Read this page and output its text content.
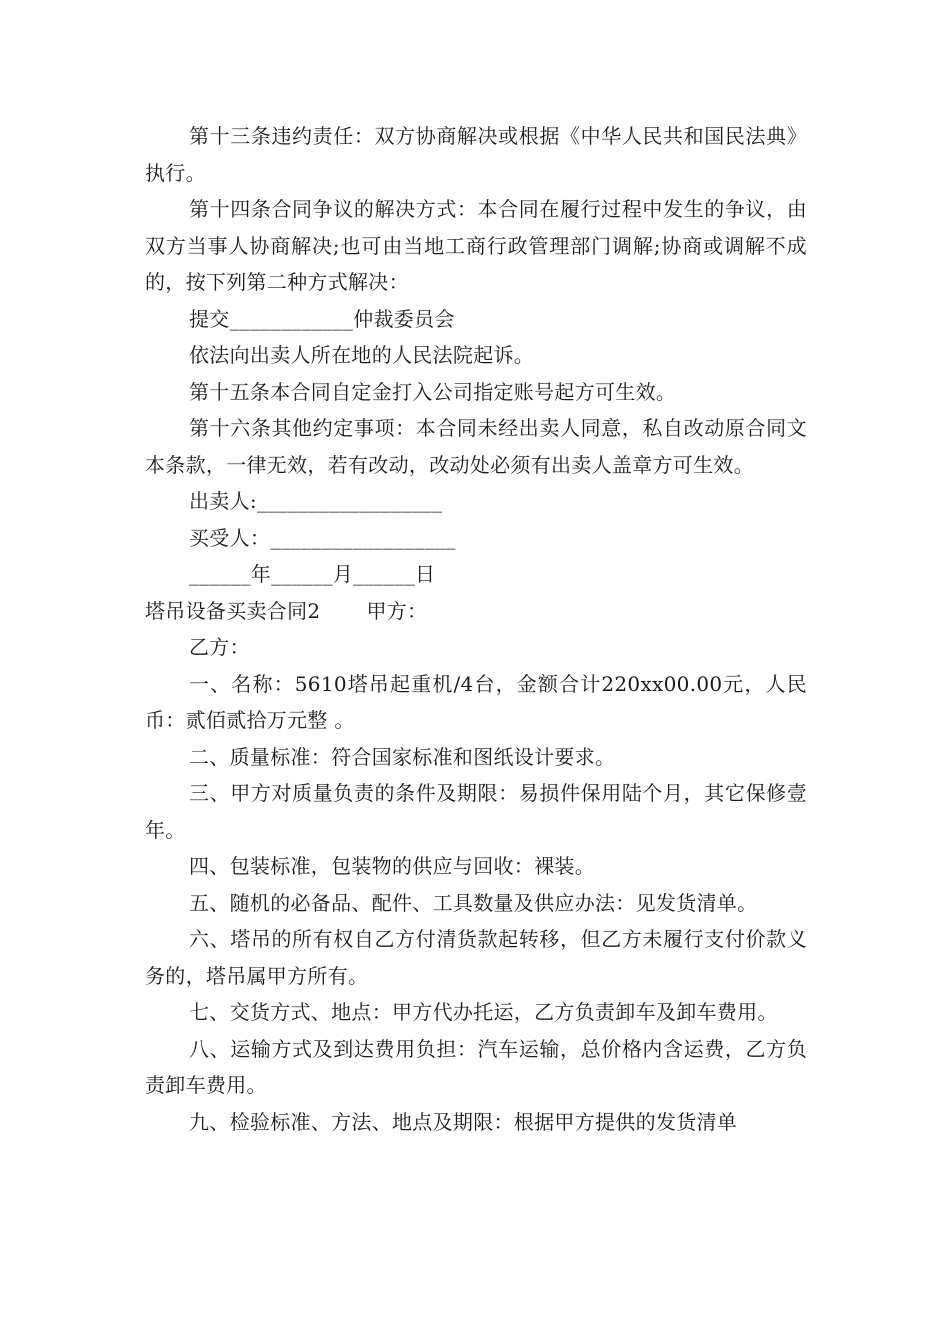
第十三条违约责任：双方协商解决或根据《中华人民共和国民法典》执行。

第十四条合同争议的解决方式：本合同在履行过程中发生的争议，由双方当事人协商解决;也可由当地工商行政管理部门调解;协商或调解不成的，按下列第二种方式解决：

提交____________仲裁委员会

依法向出卖人所在地的人民法院起诉。

第十五条本合同自定金打入公司指定账号起方可生效。

第十六条其他约定事项：本合同未经出卖人同意，私自改动原合同文本条款，一律无效，若有改动，改动处必须有出卖人盖章方可生效。

出卖人:__________________

买受人：__________________

______年______月______日

塔吊设备买卖合同2 甲方：

乙方：

一、名称：5610塔吊起重机/4台，金额合计220xx00.00元，人民币：贰佰贰拾万元整 。

二、质量标准：符合国家标准和图纸设计要求。

三、甲方对质量负责的条件及期限：易损件保用陆个月，其它保修壹年。

四、包装标准，包装物的供应与回收：裸装。

五、随机的必备品、配件、工具数量及供应办法：见发货清单。

六、塔吊的所有权自乙方付清货款起转移，但乙方未履行支付价款义务的，塔吊属甲方所有。

七、交货方式、地点：甲方代办托运，乙方负责卸车及卸车费用。

八、运输方式及到达费用负担：汽车运输，总价格内含运费，乙方负责卸车费用。

九、检验标准、方法、地点及期限：根据甲方提供的发货清单
